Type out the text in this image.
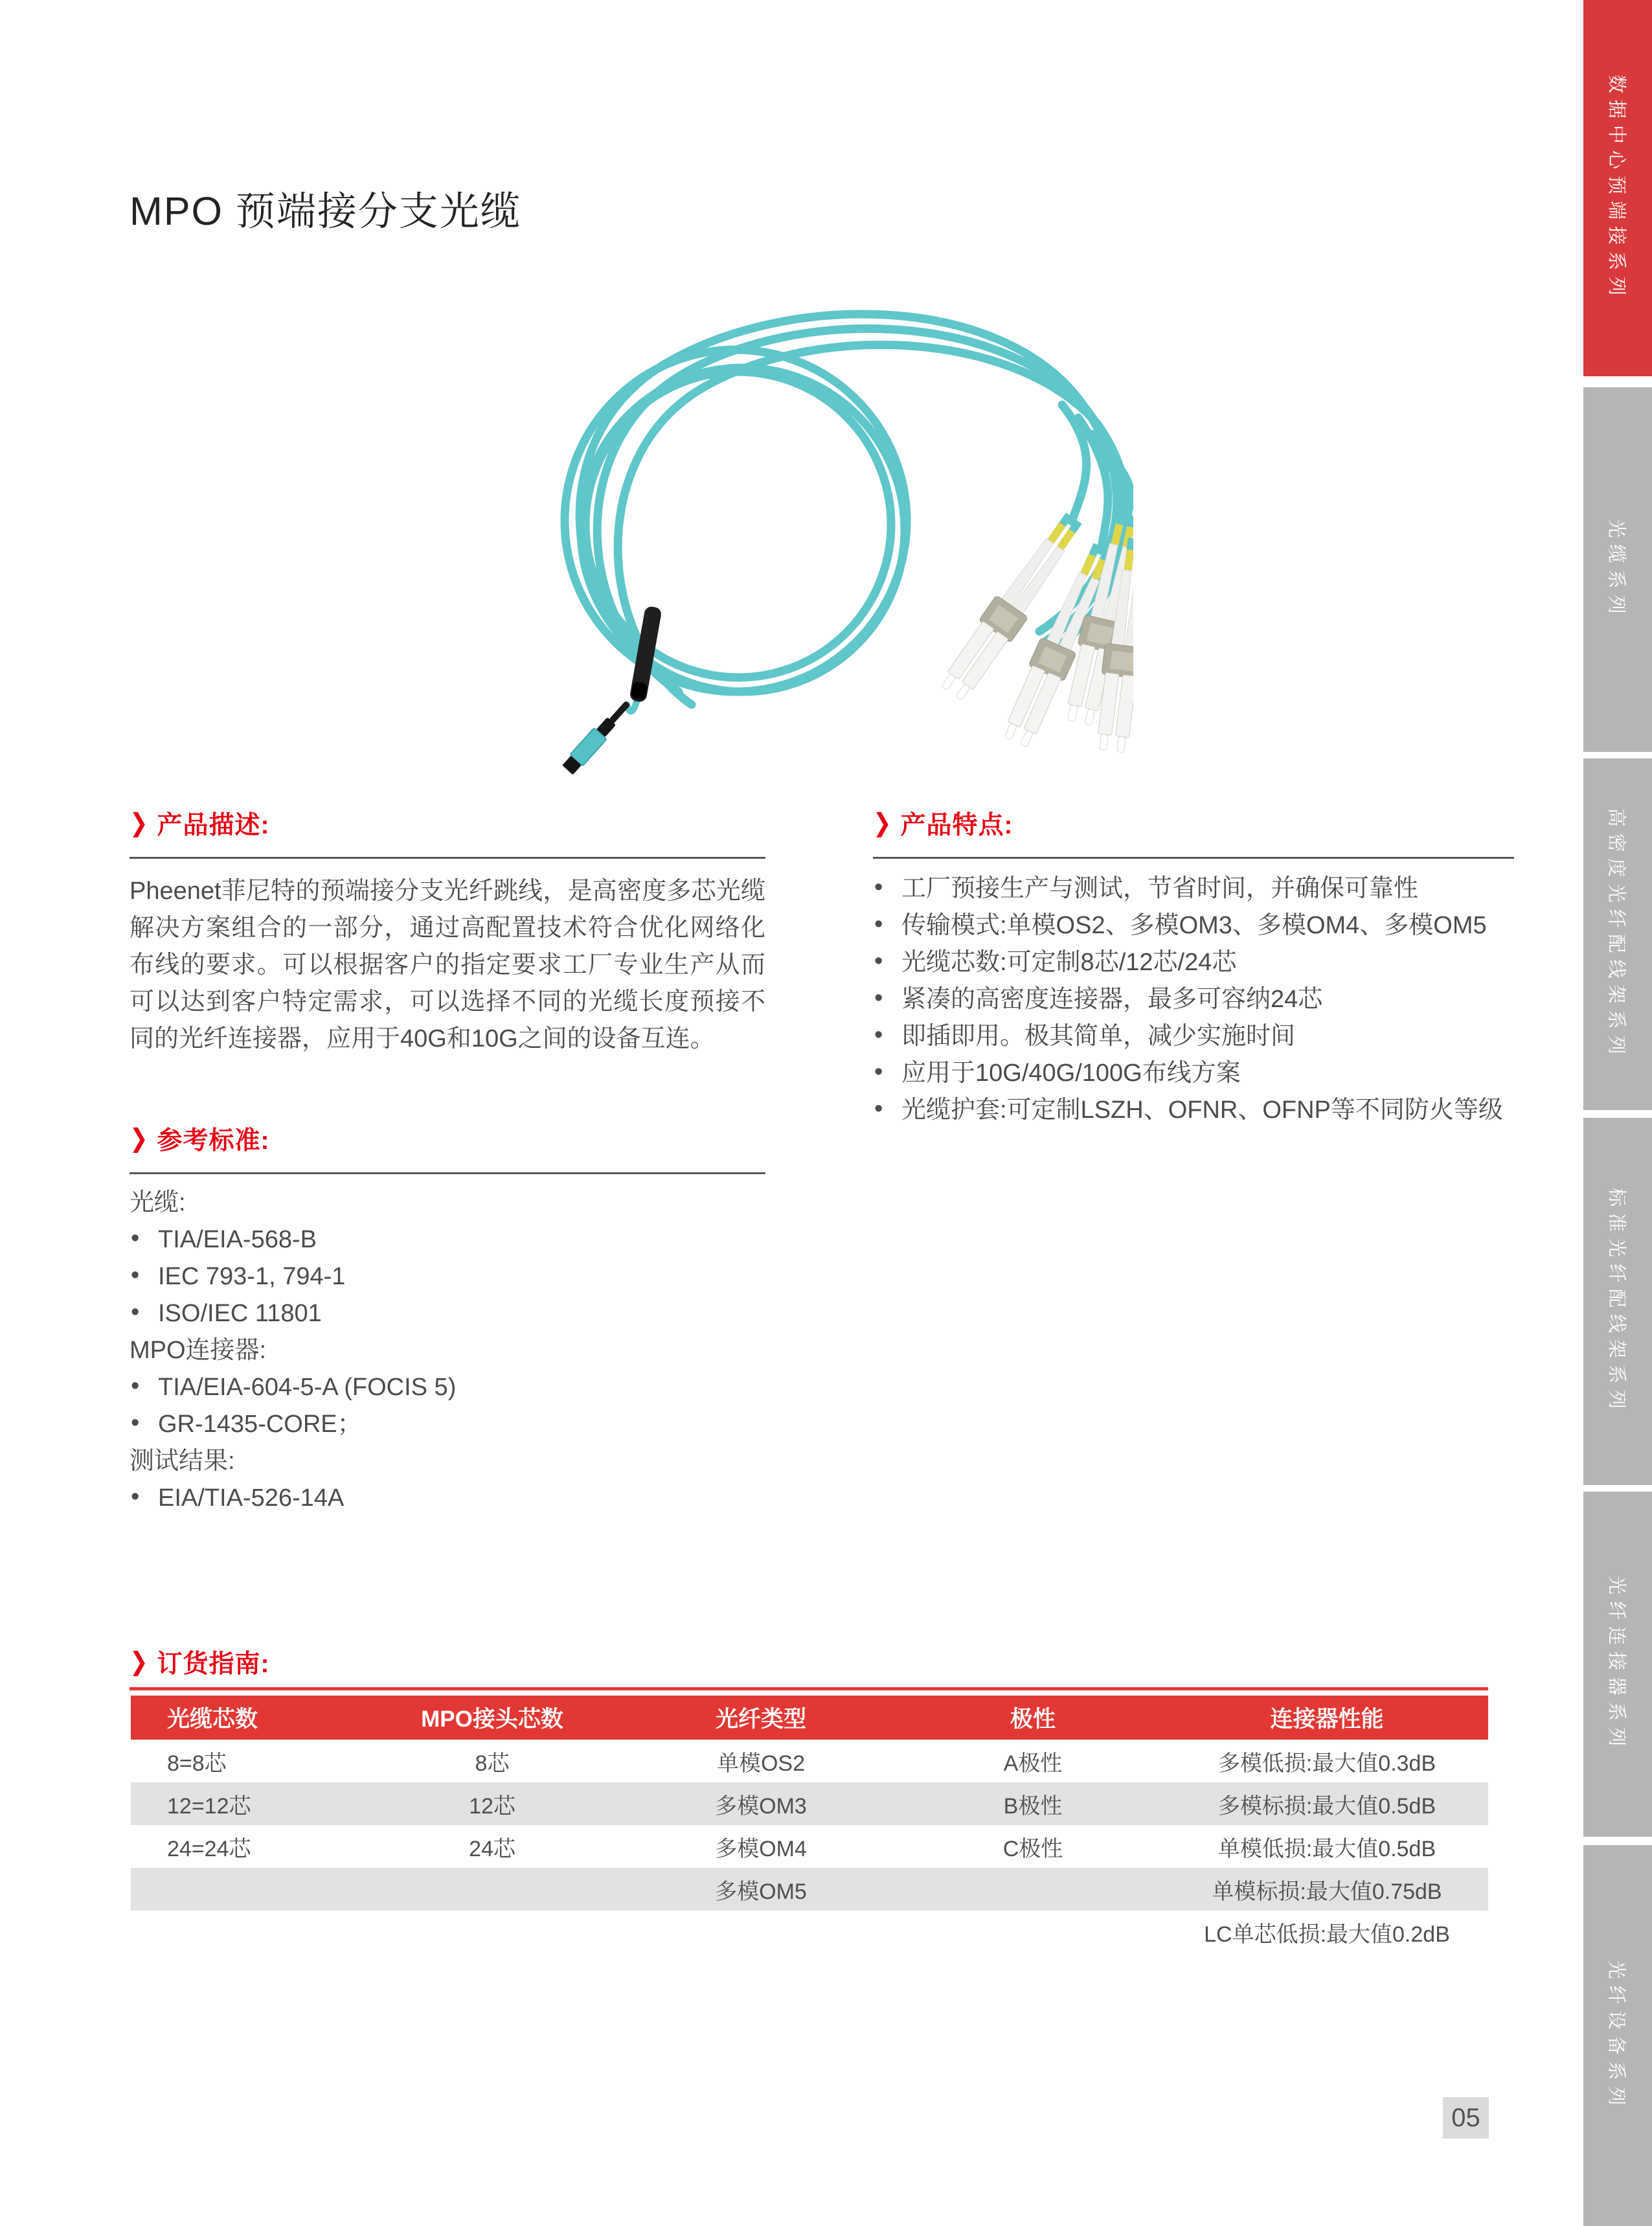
MPO 预端接分支光缆
❯ 产品描述:

Pheenet菲尼特的预端接分支光纤跳线，是高密度多芯光缆解决方案组合的一部分，通过高配置技术符合优化网络化布线的要求。可以根据客户的指定要求工厂专业生产从而可以达到客户特定需求，可以选择不同的光缆长度预接不同的光纤连接器，应用于40G和10G之间的设备互连。

❯ 产品特点:
• 工厂预接生产与测试，节省时间，并确保可靠性
• 传输模式:单模OS2、多模OM3、多模OM4、多模OM5
• 光缆芯数:可定制8芯/12芯/24芯
• 紧凑的高密度连接器，最多可容纳24芯
• 即插即用。极其简单，减少实施时间
• 应用于10G/40G/100G布线方案
• 光缆护套:可定制LSZH、OFNR、OFNP等不同防火等级
❯ 参考标准:
光缆:
• TIA/EIA-568-B
• IEC 793-1, 794-1
• ISO/IEC 11801
MPO连接器:
• TIA/EIA-604-5-A (FOCIS 5)
• GR-1435-CORE；
测试结果:
• EIA/TIA-526-14A
❯ 订货指南:
光缆芯数	MPO接头芯数	光纤类型	极性	连接器性能
8=8芯	8芯	单模OS2	A极性	多模低损:最大值0.3dB
12=12芯	12芯	多模OM3	B极性	多模标损:最大值0.5dB
24=24芯	24芯	多模OM4	C极性	单模低损:最大值0.5dB
		多模OM5		单模标损:最大值0.75dB
				LC单芯低损:最大值0.2dB
05
数据中心预端接系列
光缆系列
高密度光纤配线架系列
标准光纤配线架系列
光纤连接器系列
光纤设备系列
